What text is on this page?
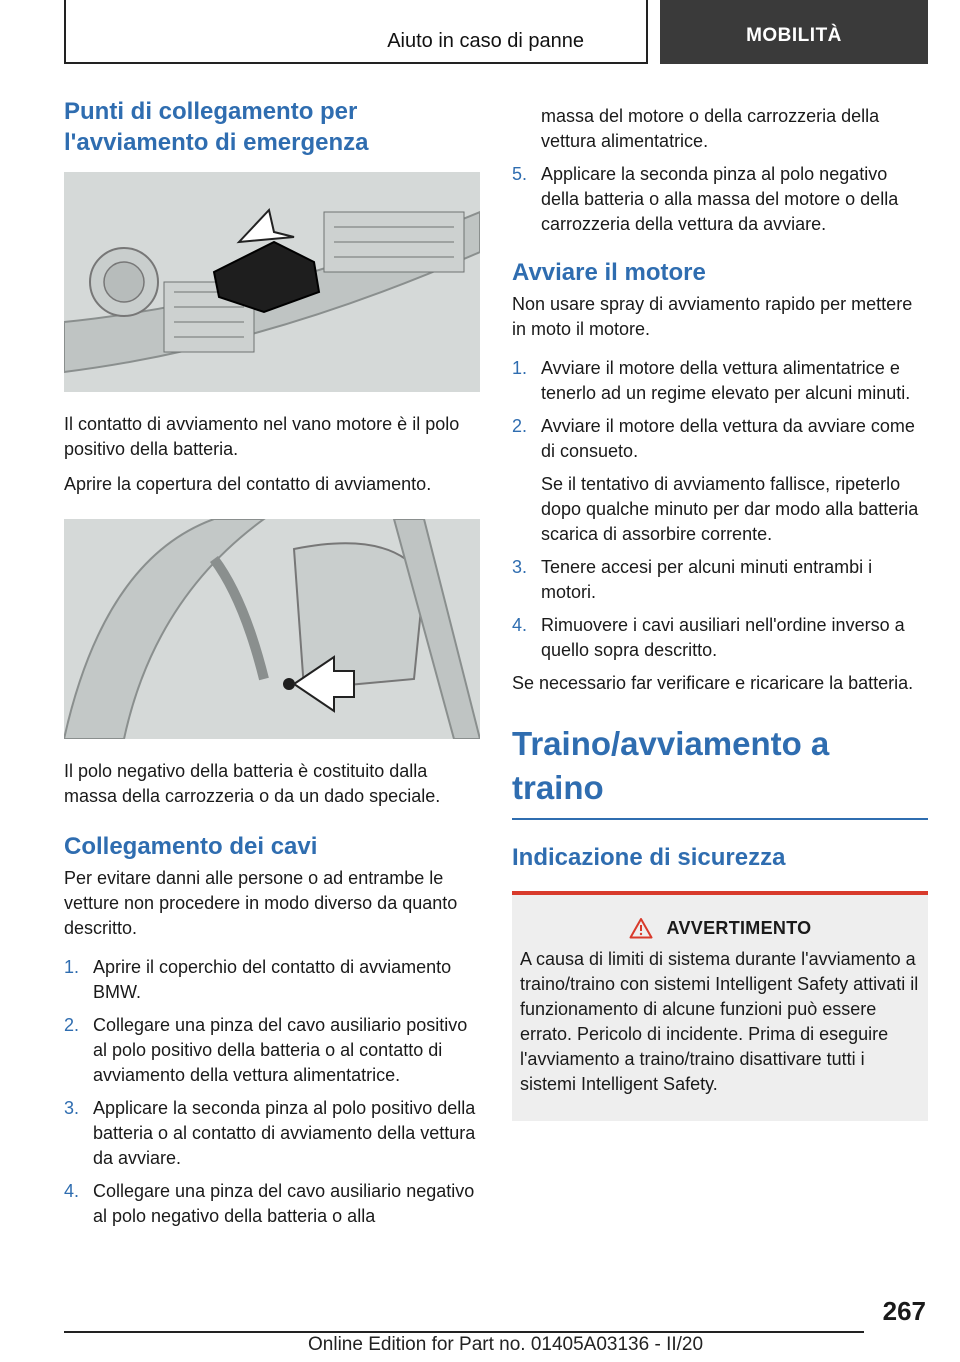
Aiuto in caso di panne	MOBILITÀ
Punti di collegamento per l'avviamento di emergenza

Il contatto di avviamento nel vano motore è il polo positivo della batteria.

Aprire la copertura del contatto di avviamento.

Il polo negativo della batteria è costituito dalla massa della carrozzeria o da un dado speciale.

Collegamento dei cavi

Per evitare danni alle persone o ad entrambe le vetture non procedere in modo diverso da quanto descritto.

1. Aprire il coperchio del contatto di avviamento BMW.
2. Collegare una pinza del cavo ausiliario positivo al polo positivo della batteria o al contatto di avviamento della vettura alimentatrice.
3. Applicare la seconda pinza al polo positivo della batteria o al contatto di avviamento della vettura da avviare.
4. Collegare una pinza del cavo ausiliario negativo al polo negativo della batteria o alla
massa del motore o della carrozzeria della vettura alimentatrice.
5. Applicare la seconda pinza al polo negativo della batteria o alla massa del motore o della carrozzeria della vettura da avviare.
Avviare il motore

Non usare spray di avviamento rapido per mettere in moto il motore.

1. Avviare il motore della vettura alimentatrice e tenerlo ad un regime elevato per alcuni minuti.
2. Avviare il motore della vettura da avviare come di consueto.
Se il tentativo di avviamento fallisce, ripeterlo dopo qualche minuto per dar modo alla batteria scarica di assorbire corrente.
3. Tenere accesi per alcuni minuti entrambi i motori.
4. Rimuovere i cavi ausiliari nell'ordine inverso a quello sopra descritto.

Se necessario far verificare e ricaricare la batteria.

Traino/avviamento a traino
Indicazione di sicurezza
AVVERTIMENTO

A causa di limiti di sistema durante l'avviamento a traino/traino con sistemi Intelligent Safety attivati il funzionamento di alcune funzioni può essere errato. Pericolo di incidente. Prima di eseguire l'avviamento a traino/traino disattivare tutti i sistemi Intelligent Safety.

267
Online Edition for Part no. 01405A03136 - II/20
